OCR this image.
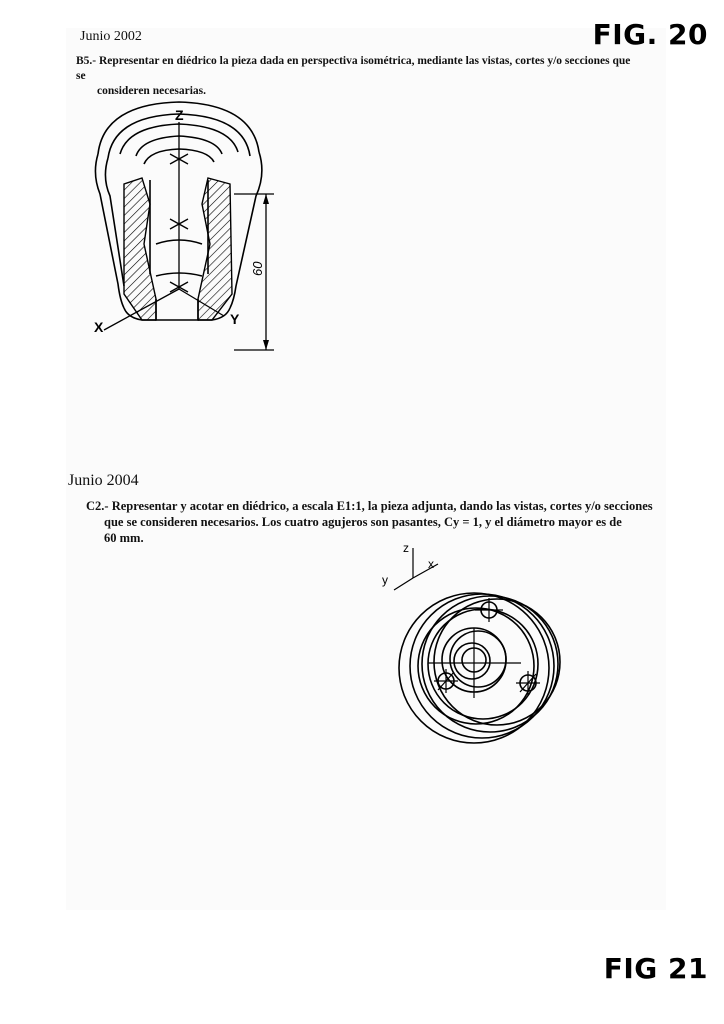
FIG. 20
FIG 21
Junio 2002
B5.- Representar en diédrico la pieza dada en perspectiva isométrica, mediante las vistas, cortes y/o secciones que se
consideren necesarias.
Z
X	Y
60
Junio 2004
C2.- Representar y acotar en diédrico, a escala E1:1, la pieza adjunta, dando las vistas, cortes y/o secciones
que se consideren necesarios. Los cuatro agujeros son pasantes, Cy = 1, y el diámetro mayor es de
60 mm.
z
x
y
